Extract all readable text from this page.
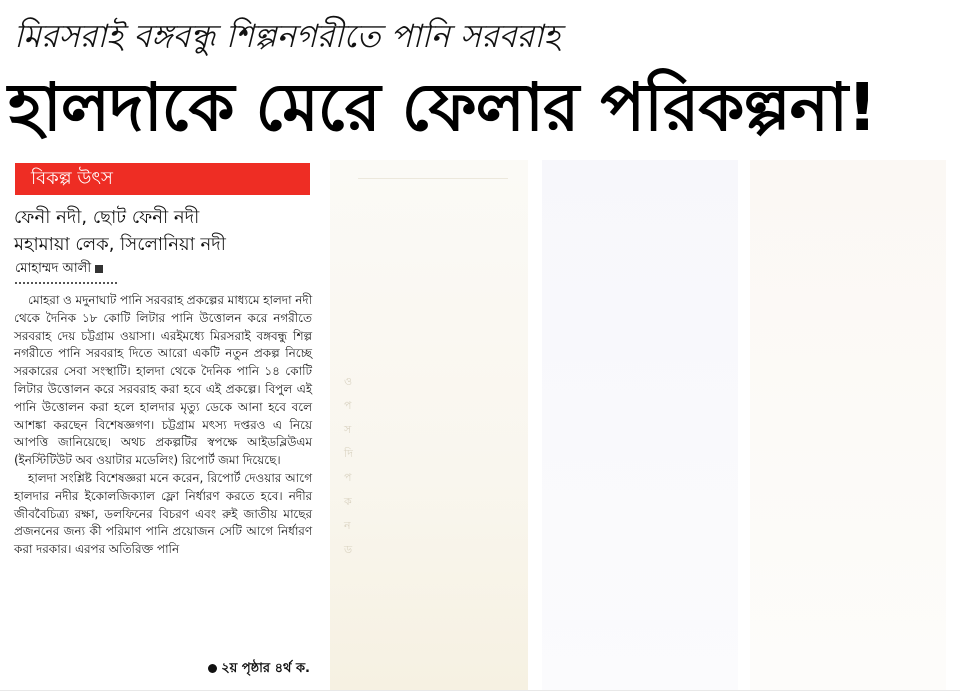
মিরসরাই বঙ্গবন্ধু শিল্পনগরীতে পানি সরবরাহ
হালদাকে মেরে ফেলার পরিকল্পনা!
বিকল্প উৎস
ফেনী নদী, ছোট ফেনী নদী
মহামায়া লেক, সিলোনিয়া নদী
মোহাম্মদ আলী

মোহরা ও মদুনাঘাট পানি সরবরাহ প্রকল্পের মাধ্যমে হালদা নদী থেকে দৈনিক ১৮ কোটি লিটার পানি উত্তোলন করে নগরীতে সরবরাহ দেয় চট্টগ্রাম ওয়াসা। এরইমধ্যে মিরসরাই বঙ্গবন্ধু শিল্প নগরীতে পানি সরবরাহ দিতে আরো একটি নতুন প্রকল্প নিচ্ছে সরকারের সেবা সংস্থাটি। হালদা থেকে দৈনিক পানি ১৪ কোটি লিটার উত্তোলন করে সরবরাহ করা হবে এই প্রকল্পে। বিপুল এই পানি উত্তোলন করা হলে হালদার মৃত্যু ডেকে আনা হবে বলে আশঙ্কা করছেন বিশেষজ্ঞগণ। চট্টগ্রাম মৎস্য দপ্তরও এ নিয়ে আপত্তি জানিয়েছে। অথচ প্রকল্পটির স্বপক্ষে আইডব্লিউএম (ইনস্টিটিউট অব ওয়াটার মডেলিং) রিপোর্ট জমা দিয়েছে।

হালদা সংশ্লিষ্ট বিশেষজ্ঞরা মনে করেন, রিপোর্ট দেওয়ার আগে হালদার নদীর ইকোলজিক্যাল ফ্লো নির্ধারণ করতে হবে। নদীর জীববৈচিত্র্য রক্ষা, ডলফিনের বিচরণ এবং রুই জাতীয় মাছের প্রজননের জন্য কী পরিমাণ পানি প্রয়োজন সেটি আগে নির্ধারণ করা দরকার। এরপর অতিরিক্ত পানি

২য় পৃষ্ঠার ৪র্থ ক.
ও প স দি প ক ন ড
